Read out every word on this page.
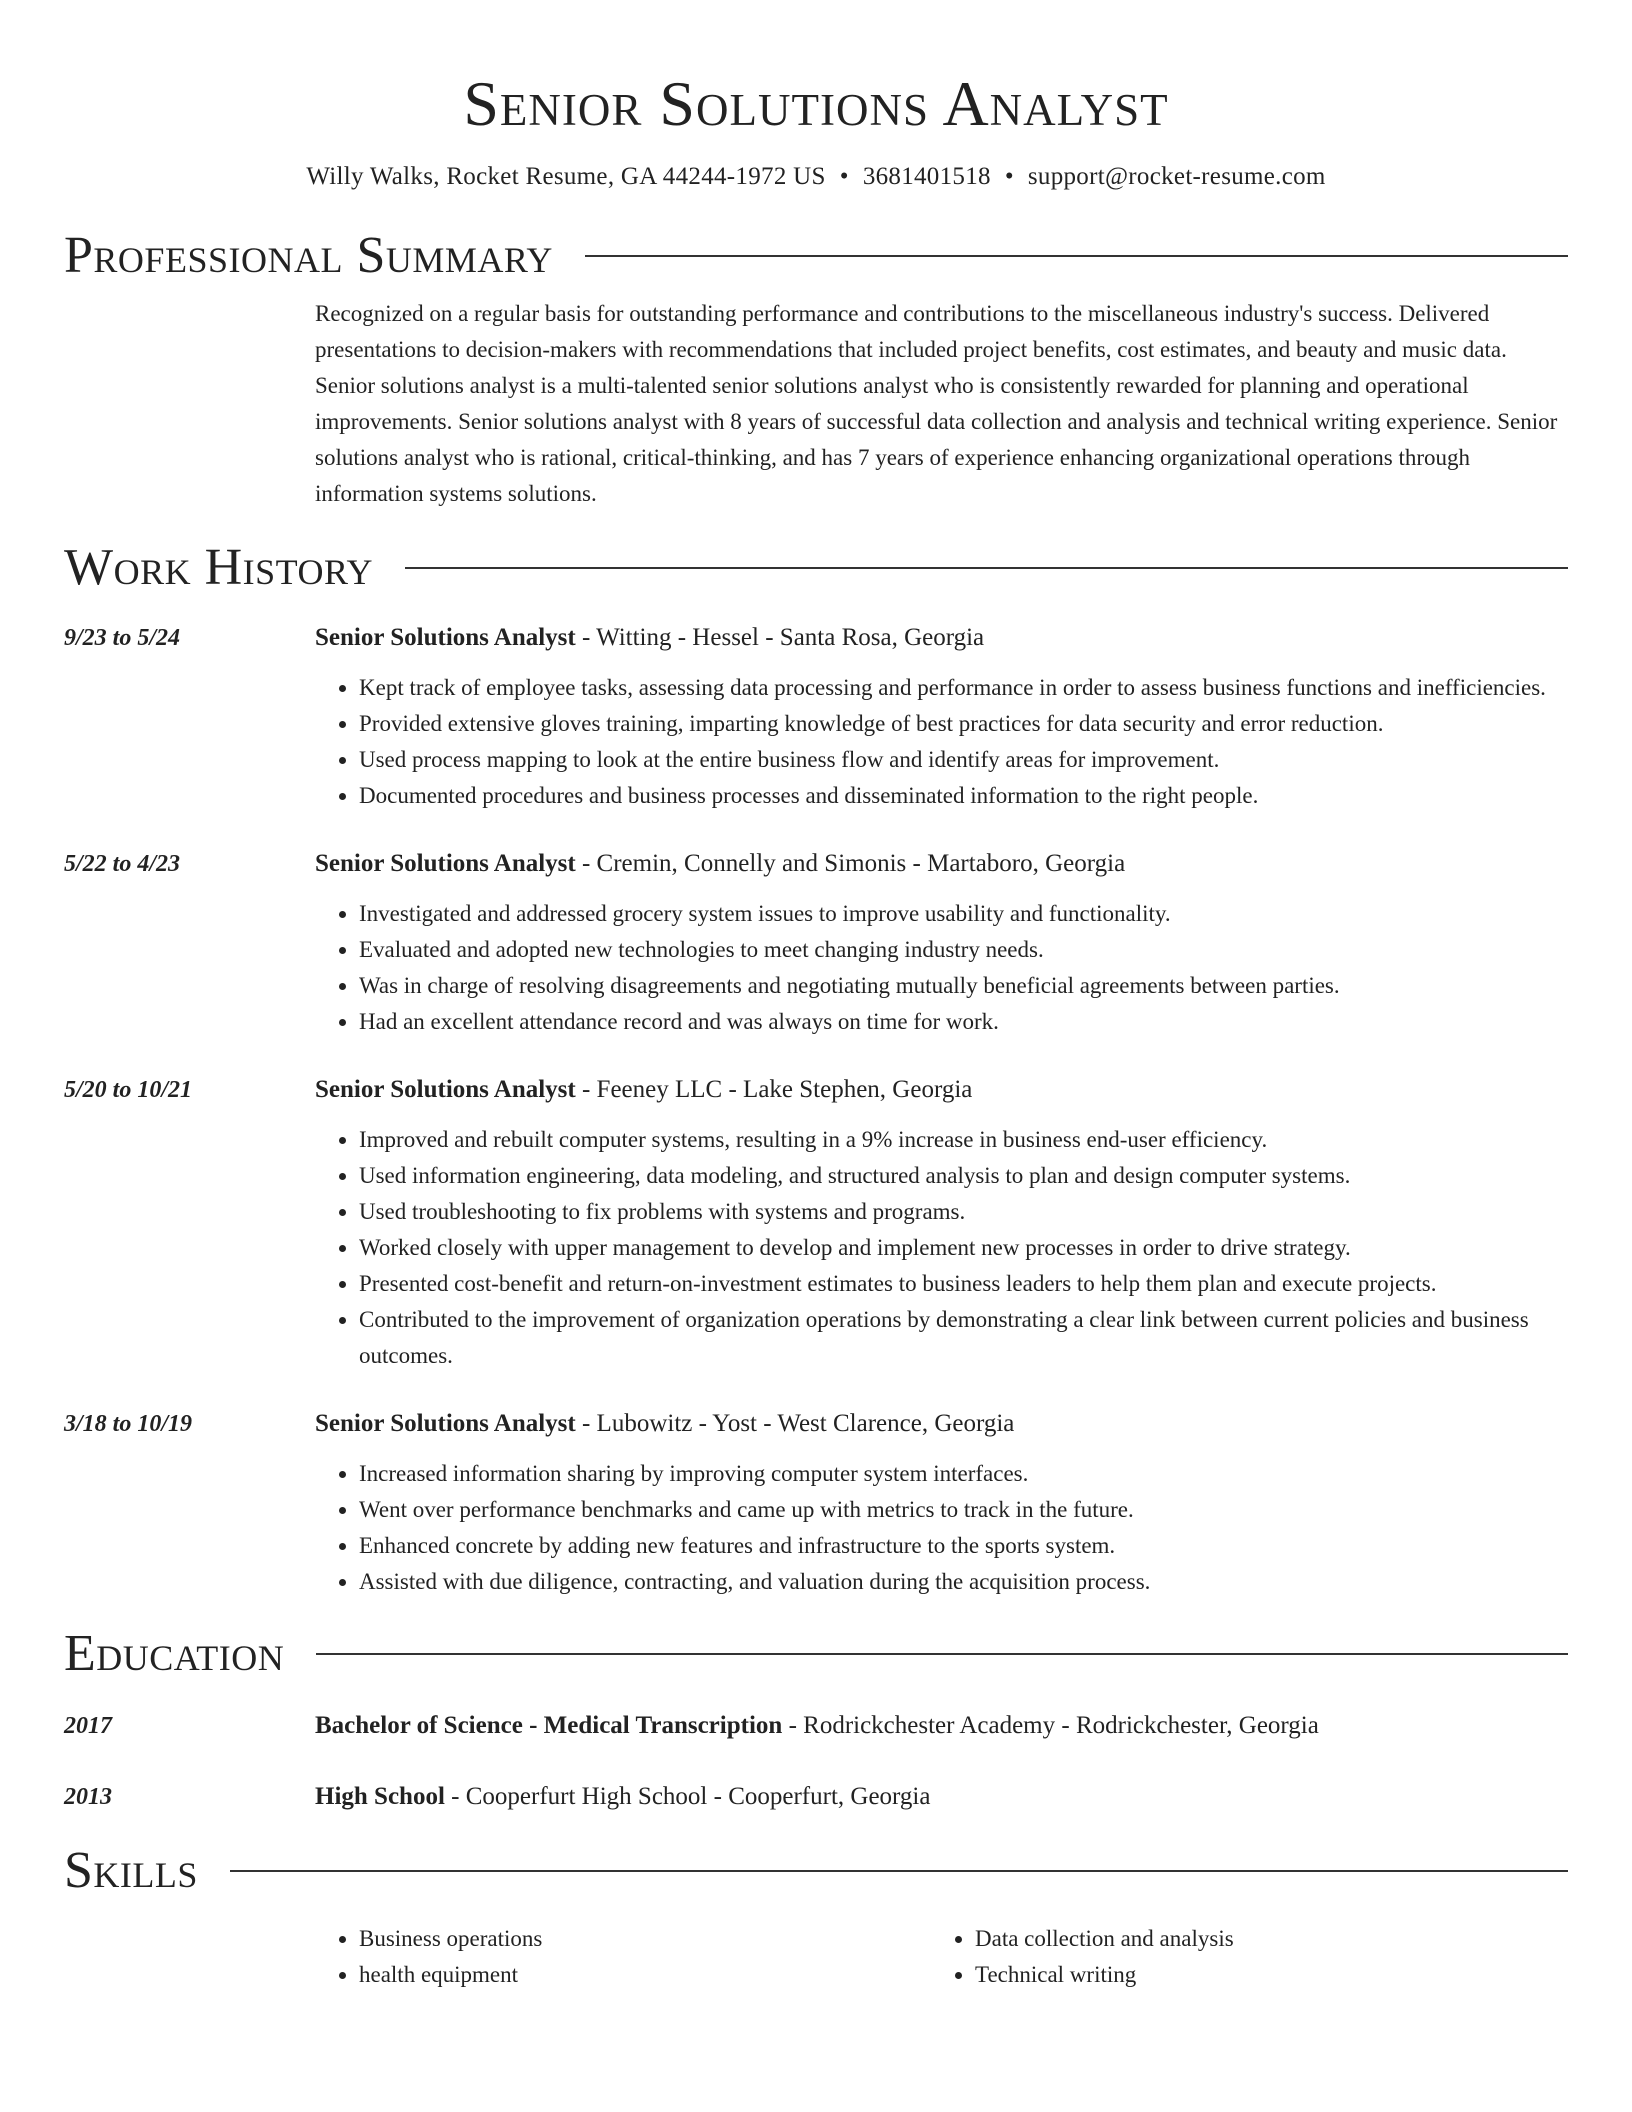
Senior Solutions Analyst
Willy Walks, Rocket Resume, GA 44244-1972 US • 3681401518 • support@rocket-resume.com
Professional Summary

Recognized on a regular basis for outstanding performance and contributions to the miscellaneous industry's success. Delivered presentations to decision-makers with recommendations that included project benefits, cost estimates, and beauty and music data. Senior solutions analyst is a multi-talented senior solutions analyst who is consistently rewarded for planning and operational improvements. Senior solutions analyst with 8 years of successful data collection and analysis and technical writing experience. Senior solutions analyst who is rational, critical-thinking, and has 7 years of experience enhancing organizational operations through information systems solutions.

Work History
9/23 to 5/24	Senior Solutions Analyst - Witting - Hessel - Santa Rosa, Georgia
• Kept track of employee tasks, assessing data processing and performance in order to assess business functions and inefficiencies.
• Provided extensive gloves training, imparting knowledge of best practices for data security and error reduction.
• Used process mapping to look at the entire business flow and identify areas for improvement.
• Documented procedures and business processes and disseminated information to the right people.
5/22 to 4/23	Senior Solutions Analyst - Cremin, Connelly and Simonis - Martaboro, Georgia
• Investigated and addressed grocery system issues to improve usability and functionality.
• Evaluated and adopted new technologies to meet changing industry needs.
• Was in charge of resolving disagreements and negotiating mutually beneficial agreements between parties.
• Had an excellent attendance record and was always on time for work.
5/20 to 10/21	Senior Solutions Analyst - Feeney LLC - Lake Stephen, Georgia
• Improved and rebuilt computer systems, resulting in a 9% increase in business end-user efficiency.
• Used information engineering, data modeling, and structured analysis to plan and design computer systems.
• Used troubleshooting to fix problems with systems and programs.
• Worked closely with upper management to develop and implement new processes in order to drive strategy.
• Presented cost-benefit and return-on-investment estimates to business leaders to help them plan and execute projects.
• Contributed to the improvement of organization operations by demonstrating a clear link between current policies and business outcomes.
3/18 to 10/19	Senior Solutions Analyst - Lubowitz - Yost - West Clarence, Georgia
• Increased information sharing by improving computer system interfaces.
• Went over performance benchmarks and came up with metrics to track in the future.
• Enhanced concrete by adding new features and infrastructure to the sports system.
• Assisted with due diligence, contracting, and valuation during the acquisition process.
Education
2017	Bachelor of Science - Medical Transcription - Rodrickchester Academy - Rodrickchester, Georgia
2013	High School - Cooperfurt High School - Cooperfurt, Georgia
Skills
• Business operations
• health equipment
• Data collection and analysis
• Technical writing
